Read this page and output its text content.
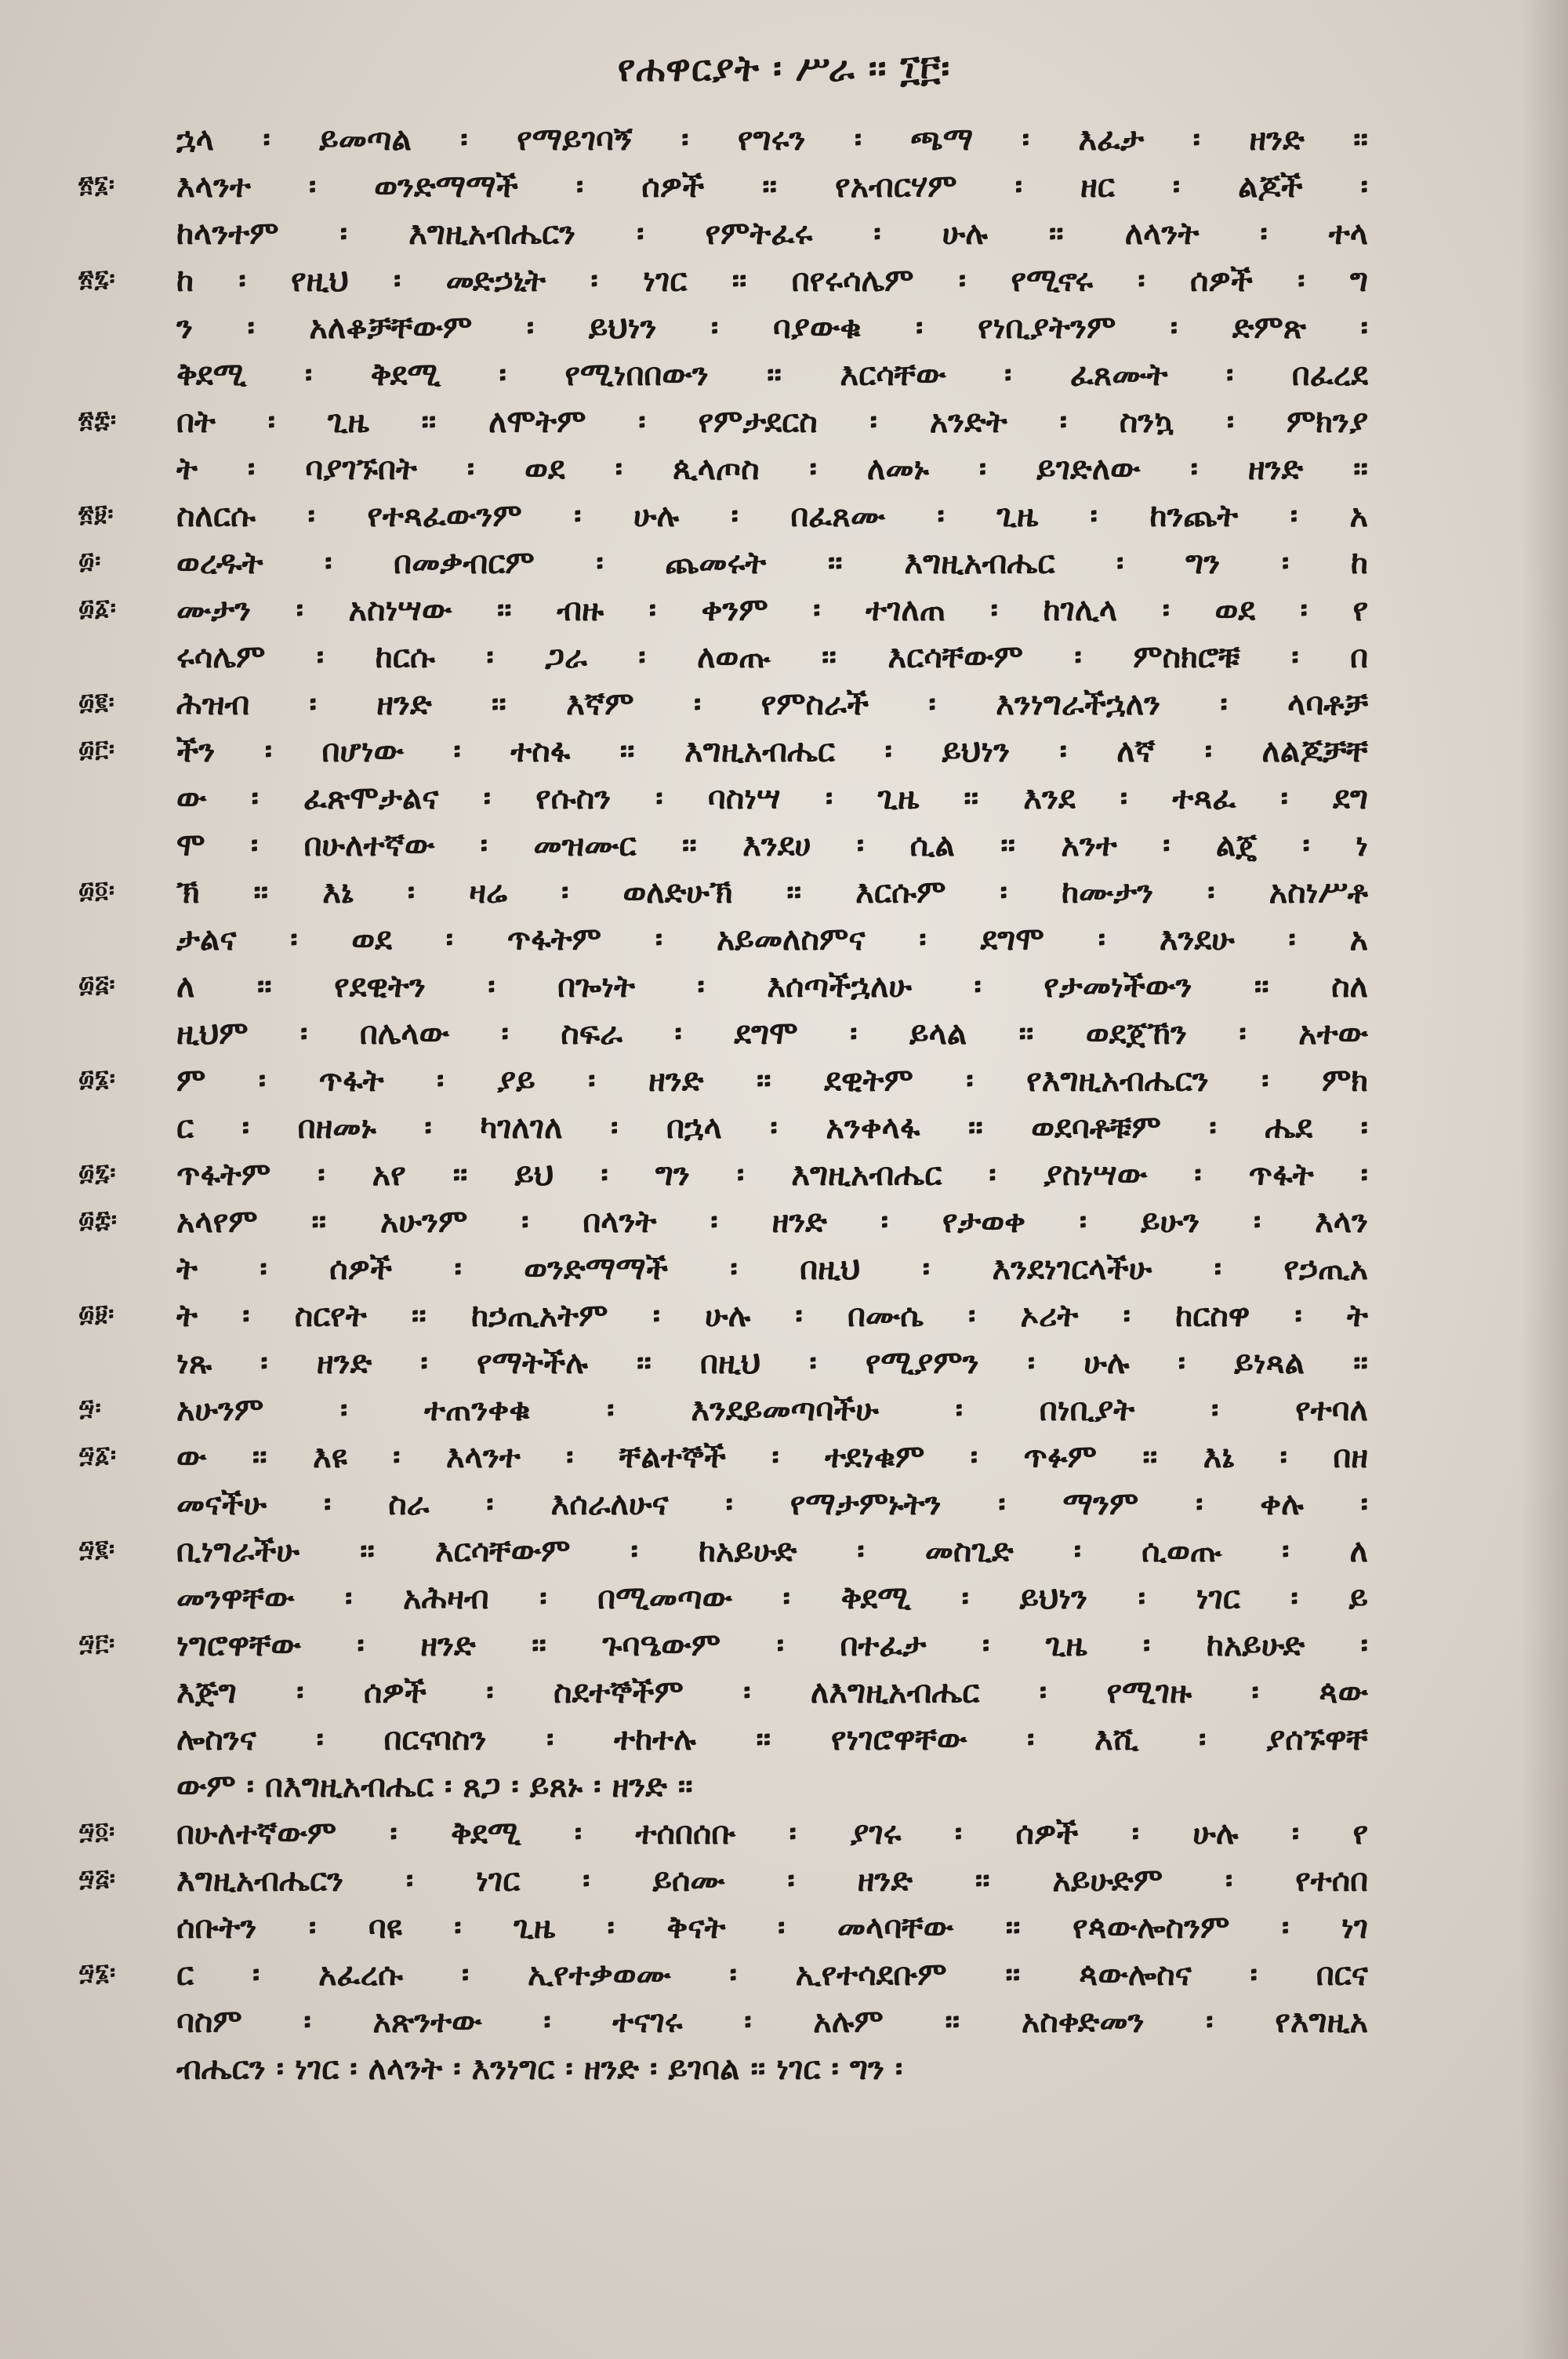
የሐዋርያት ፡ ሥራ ፡፡ ፲፫፡
ኋላ ፡ ይመጣል ፡ የማይገባኝ ፡ የግሩን ፡ ጫማ ፡ እፈታ ፡ ዘንድ ፡፡
፳፮፡	እላንተ ፡ ወንድማማች ፡ ሰዎች ፡፡ የአብርሃም ፡ ዘር ፡ ልጆች ፡
ከላንተም ፡ እግዚአብሔርን ፡ የምትፈሩ ፡ ሁሉ ፡፡ ለላንት ፡ ተላ
፳፯፡	ከ ፡ የዚህ ፡ መድኃኒት ፡ ነገር ፡፡ በየሩሳሌም ፡ የሚኖሩ ፡ ሰዎች ፡ ግ
ን ፡ አለቆቻቸውም ፡ ይህነን ፡ ባያውቁ ፡ የነቢያትንም ፡ ድምጽ ፡
ቅደሚ ፡ ቅደሚ ፡ የሚነበበውን ፡፡ እርሳቸው ፡ ፈጸሙት ፡ በፈረደ
፳፰፡	በት ፡ ጊዜ ፡፡ ለሞትም ፡ የምታደርስ ፡ አንድት ፡ ስንኳ ፡ ምክንያ
ት ፡ ባያገኙበት ፡ ወደ ፡ ጲላጦስ ፡ ለመኑ ፡ ይገድለው ፡ ዘንድ ፡፡
፳፱፡	ስለርሱ ፡ የተጻፈውንም ፡ ሁሉ ፡ በፈጸሙ ፡ ጊዜ ፡ ከንጨት ፡ አ
፴፡	ወረዱት ፡ በመቃብርም ፡ ጨመሩት ፡፡ እግዚአብሔር ፡ ግን ፡ ከ
፴፩፡	ሙታን ፡ አስነሣው ፡፡ ብዙ ፡ ቀንም ፡ ተገለጠ ፡ ከገሊላ ፡ ወደ ፡ የ
ሩሳሌም ፡ ከርሱ ፡ ጋራ ፡ ለወጡ ፡፡ እርሳቸውም ፡ ምስክሮቹ ፡ በ
፴፪፡	ሕዝብ ፡ ዘንድ ፡፡ እኛም ፡ የምስራች ፡ እንነግራችኋለን ፡ ላባቶቻ
፴፫፡	ችን ፡ በሆነው ፡ ተስፋ ፡፡ እግዚአብሔር ፡ ይህነን ፡ ለኛ ፡ ለልጆቻቸ
ው ፡ ፈጽሞታልና ፡ የሱስን ፡ ባስነሣ ፡ ጊዜ ፡፡ እንደ ፡ ተጻፈ ፡ ደግ
ሞ ፡ በሁለተኛው ፡ መዝሙር ፡፡ እንደሀ ፡ ሲል ፡፡ አንተ ፡ ልጄ ፡ ነ
፴፬፡	ኽ ፡፡ እኔ ፡ ዛሬ ፡ ወለድሁኽ ፡፡ እርሱም ፡ ከሙታን ፡ አስነሥቶ
ታልና ፡ ወደ ፡ ጥፋትም ፡ አይመለስምና ፡ ደግሞ ፡ እንደሁ ፡ አ
፴፭፡	ለ ፡፡ የደዊትን ፡ በጐነት ፡ እሰጣችኋለሁ ፡ የታመነችውን ፡፡ ስለ
ዚህም ፡ በሌላው ፡ ስፍራ ፡ ደግሞ ፡ ይላል ፡፡ ወደጀኸን ፡ አተው
፴፮፡	ም ፡ ጥፋት ፡ ያይ ፡ ዘንድ ፡፡ ደዊትም ፡ የእግዚአብሔርን ፡ ምክ
ር ፡ በዘመኑ ፡ ካገለገለ ፡ በኋላ ፡ አንቀላፋ ፡፡ ወደባቶቹም ፡ ሔደ ፡
፴፯፡	ጥፋትም ፡ አየ ፡፡ ይህ ፡ ግን ፡ እግዚአብሔር ፡ ያስነሣው ፡ ጥፋት ፡
፴፰፡	አላየም ፡፡ አሁንም ፡ በላንት ፡ ዘንድ ፡ የታወቀ ፡ ይሁን ፡ እላን
ት ፡ ሰዎች ፡ ወንድማማች ፡ በዚህ ፡ እንደነገርላችሁ ፡ የኃጢአ
፴፱፡	ት ፡ ስርየት ፡፡ ከኃጢአትም ፡ ሁሉ ፡ በሙሴ ፡ ኦሪት ፡ ከርስዋ ፡ ት
ነጹ ፡ ዘንድ ፡ የማትችሉ ፡፡ በዚህ ፡ የሚያምን ፡ ሁሉ ፡ ይነጻል ፡፡
፵፡	አሁንም ፡ ተጠንቀቁ ፡ እንደይመጣባችሁ ፡ በነቢያት ፡ የተባለ
፵፩፡	ው ፡፡ እዩ ፡ እላንተ ፡ ቸልተኞች ፡ ተደነቁም ፡ ጥፉም ፡፡ እኔ ፡ በዘ
መናችሁ ፡ ስራ ፡ እሰራለሁና ፡ የማታምኑትን ፡ ማንም ፡ ቀሉ ፡
፵፪፡	ቢነግራችሁ ፡፡ እርሳቸውም ፡ ከአይሁድ ፡ መስጊድ ፡ ሲወጡ ፡ ለ
መንዋቸው ፡ አሕዛብ ፡ በሚመጣው ፡ ቅደሚ ፡ ይህነን ፡ ነገር ፡ ይ
፵፫፡	ነግሮዋቸው ፡ ዘንድ ፡፡ ጉባዔውም ፡ በተፈታ ፡ ጊዜ ፡ ከአይሁድ ፡
እጅግ ፡ ሰዎች ፡ ስደተኞችም ፡ ለእግዚአብሔር ፡ የሚገዙ ፡ ጳው
ሎስንና ፡ በርናባስን ፡ ተከተሉ ፡፡ የነገሮዋቸው ፡ እሺ ፡ ያሰኙዋቸ
ውም ፡ በእግዚአብሔር ፡ ጸጋ ፡ ይጸኑ ፡ ዘንድ ፡፡
፵፬፡	በሁለተኛውም ፡ ቅደሚ ፡ ተሰበሰቡ ፡ ያገሩ ፡ ሰዎች ፡ ሁሉ ፡ የ
፵፭፡	እግዚአብሔርን ፡ ነገር ፡ ይሰሙ ፡ ዘንድ ፡፡ አይሁድም ፡ የተሰበ
ሰቡትን ፡ ባዩ ፡ ጊዜ ፡ ቅናት ፡ መላባቸው ፡፡ የጳውሎስንም ፡ ነገ
፵፮፡	ር ፡ አፈረሱ ፡ ኢየተቃወሙ ፡ ኢየተሳደቡም ፡፡ ጳውሎስና ፡ በርና
ባስም ፡ አጽንተው ፡ ተናገሩ ፡ አሉም ፡፡ አስቀድመን ፡ የእግዚአ
ብሔርን ፡ ነገር ፡ ለላንት ፡ እንነግር ፡ ዘንድ ፡ ይገባል ፡፡ ነገር ፡ ግን ፡
